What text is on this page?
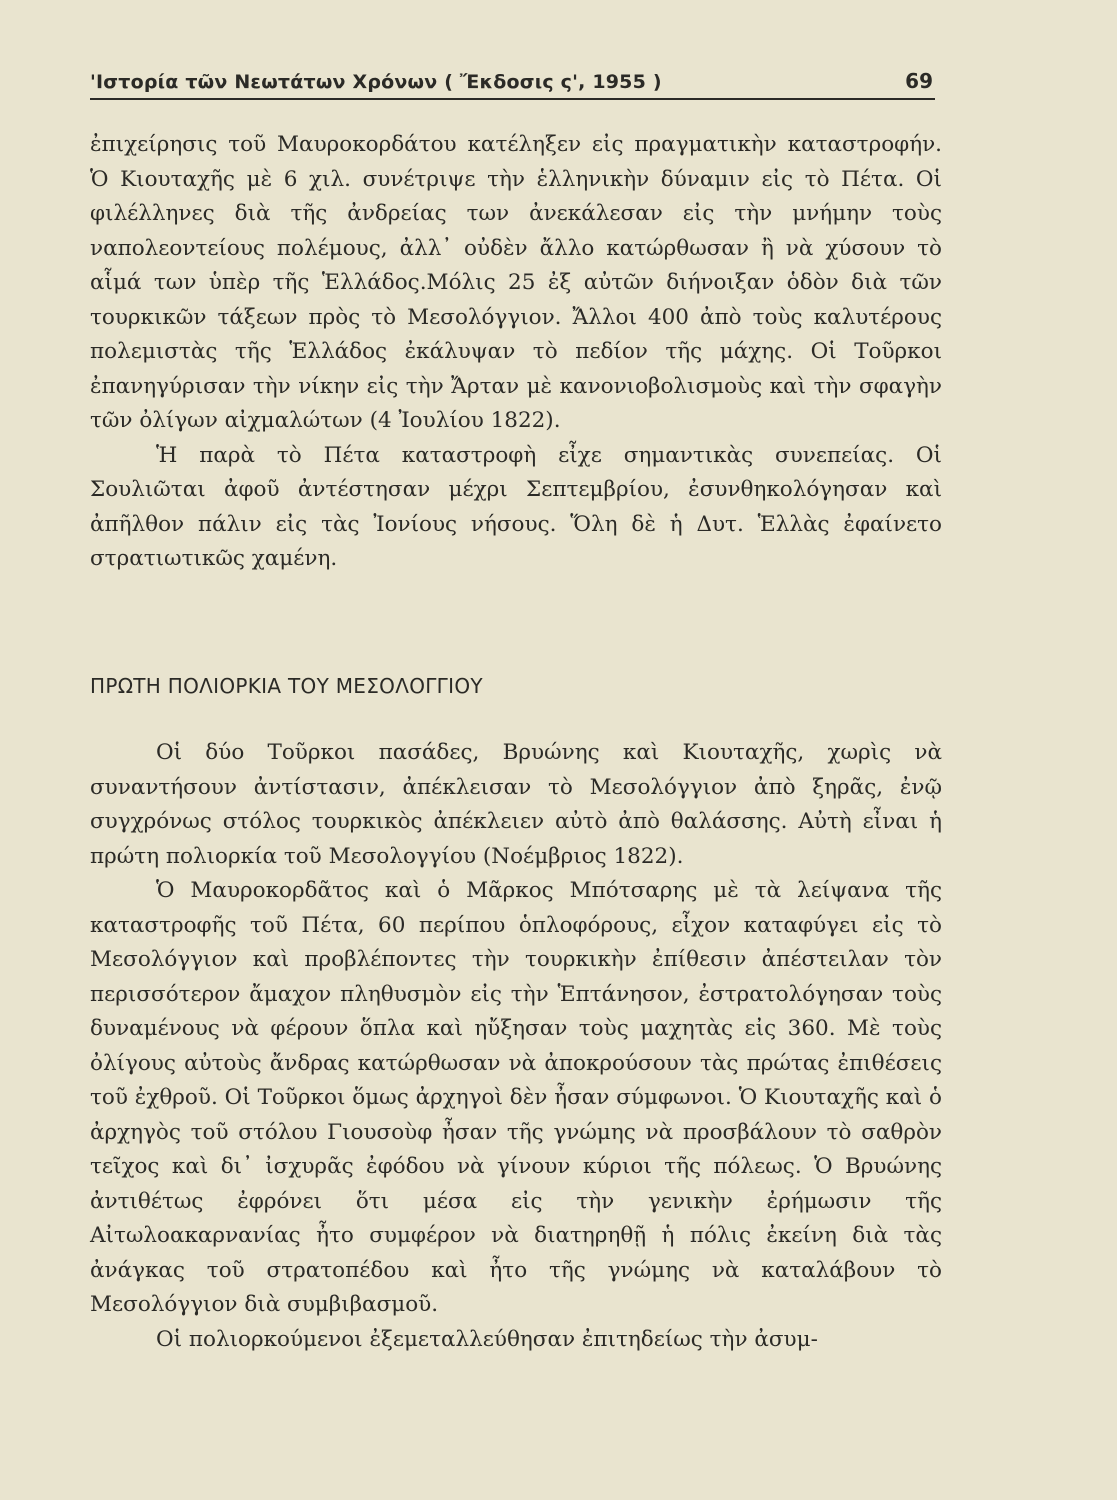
'Ιστορία τῶν Νεωτάτων Χρόνων ( Ἔκδοσις ς', 1955 )	69

ἐπιχείρησις τοῦ Μαυροκορδάτου κατέληξεν εἰς πραγματικὴν καταστροφήν. Ὁ Κιουταχῆς μὲ 6 χιλ. συνέτριψε τὴν ἑλληνικὴν δύναμιν εἰς τὸ Πέτα. Οἱ φιλέλληνες διὰ τῆς ἀνδρείας των ἀνεκάλεσαν εἰς τὴν μνήμην τοὺς ναπολεοντείους πολέμους, ἀλλ᾽ οὐδὲν ἄλλο κατώρθωσαν ἢ νὰ χύσουν τὸ αἷμά των ὑπὲρ τῆς Ἑλλάδος.Μόλις 25 ἐξ αὐτῶν διήνοιξαν ὁδὸν διὰ τῶν τουρκικῶν τάξεων πρὸς τὸ Μεσολόγγιον. Ἄλλοι 400 ἀπὸ τοὺς καλυτέρους πολεμιστὰς τῆς Ἑλλάδος ἐκάλυψαν τὸ πεδίον τῆς μάχης. Οἱ Τοῦρκοι ἐπανηγύρισαν τὴν νίκην εἰς τὴν Ἄρταν μὲ κανονιοβολισμοὺς καὶ τὴν σφαγὴν τῶν ὀλίγων αἰχμαλώτων (4 Ἰουλίου 1822).

Ἡ παρὰ τὸ Πέτα καταστροφὴ εἶχε σημαντικὰς συνεπείας. Οἱ Σουλιῶται ἀφοῦ ἀντέστησαν μέχρι Σεπτεμβρίου, ἐσυνθηκολόγησαν καὶ ἀπῆλθον πάλιν εἰς τὰς Ἰονίους νήσους. Ὅλη δὲ ἡ Δυτ. Ἑλλὰς ἐφαίνετο στρατιωτικῶς χαμένη.

ΠΡΩΤΗ ΠΟΛΙΟΡΚΙΑ ΤΟΥ ΜΕΣΟΛΟΓΓΙΟΥ

Οἱ δύο Τοῦρκοι πασάδες, Βρυώνης καὶ Κιουταχῆς, χωρὶς νὰ συναντήσουν ἀντίστασιν, ἀπέκλεισαν τὸ Μεσολόγγιον ἀπὸ ξηρᾶς, ἐνῷ συγχρόνως στόλος τουρκικὸς ἀπέκλειεν αὐτὸ ἀπὸ θαλάσσης. Αὐτὴ εἶναι ἡ πρώτη πολιορκία τοῦ Μεσολογγίου (Νοέμβριος 1822).

Ὁ Μαυροκορδᾶτος καὶ ὁ Μᾶρκος Μπότσαρης μὲ τὰ λείψανα τῆς καταστροφῆς τοῦ Πέτα, 60 περίπου ὁπλοφόρους, εἶχον καταφύγει εἰς τὸ Μεσολόγγιον καὶ προβλέποντες τὴν τουρκικὴν ἐπίθεσιν ἀπέστειλαν τὸν περισσότερον ἄμαχον πληθυσμὸν εἰς τὴν Ἑπτάνησον, ἐστρατολόγησαν τοὺς δυναμένους νὰ φέρουν ὅπλα καὶ ηὔξησαν τοὺς μαχητὰς εἰς 360. Μὲ τοὺς ὀλίγους αὐτοὺς ἄνδρας κατώρθωσαν νὰ ἀποκρούσουν τὰς πρώτας ἐπιθέσεις τοῦ ἐχθροῦ. Οἱ Τοῦρκοι ὅμως ἀρχηγοὶ δὲν ἦσαν σύμφωνοι. Ὁ Κιουταχῆς καὶ ὁ ἀρχηγὸς τοῦ στόλου Γιουσοὺφ ἦσαν τῆς γνώμης νὰ προσβάλουν τὸ σαθρὸν τεῖχος καὶ δι᾽ ἰσχυρᾶς ἐφόδου νὰ γίνουν κύριοι τῆς πόλεως. Ὁ Βρυώνης ἀντιθέτως ἐφρόνει ὅτι μέσα εἰς τὴν γενικὴν ἐρήμωσιν τῆς Αἰτωλοακαρνανίας ἦτο συμφέρον νὰ διατηρηθῇ ἡ πόλις ἐκείνη διὰ τὰς ἀνάγκας τοῦ στρατοπέδου καὶ ἦτο τῆς γνώμης νὰ καταλάβουν τὸ Μεσολόγγιον διὰ συμβιβασμοῦ.

Οἱ πολιορκούμενοι ἐξεμεταλλεύθησαν ἐπιτηδείως τὴν ἀσυμ-
